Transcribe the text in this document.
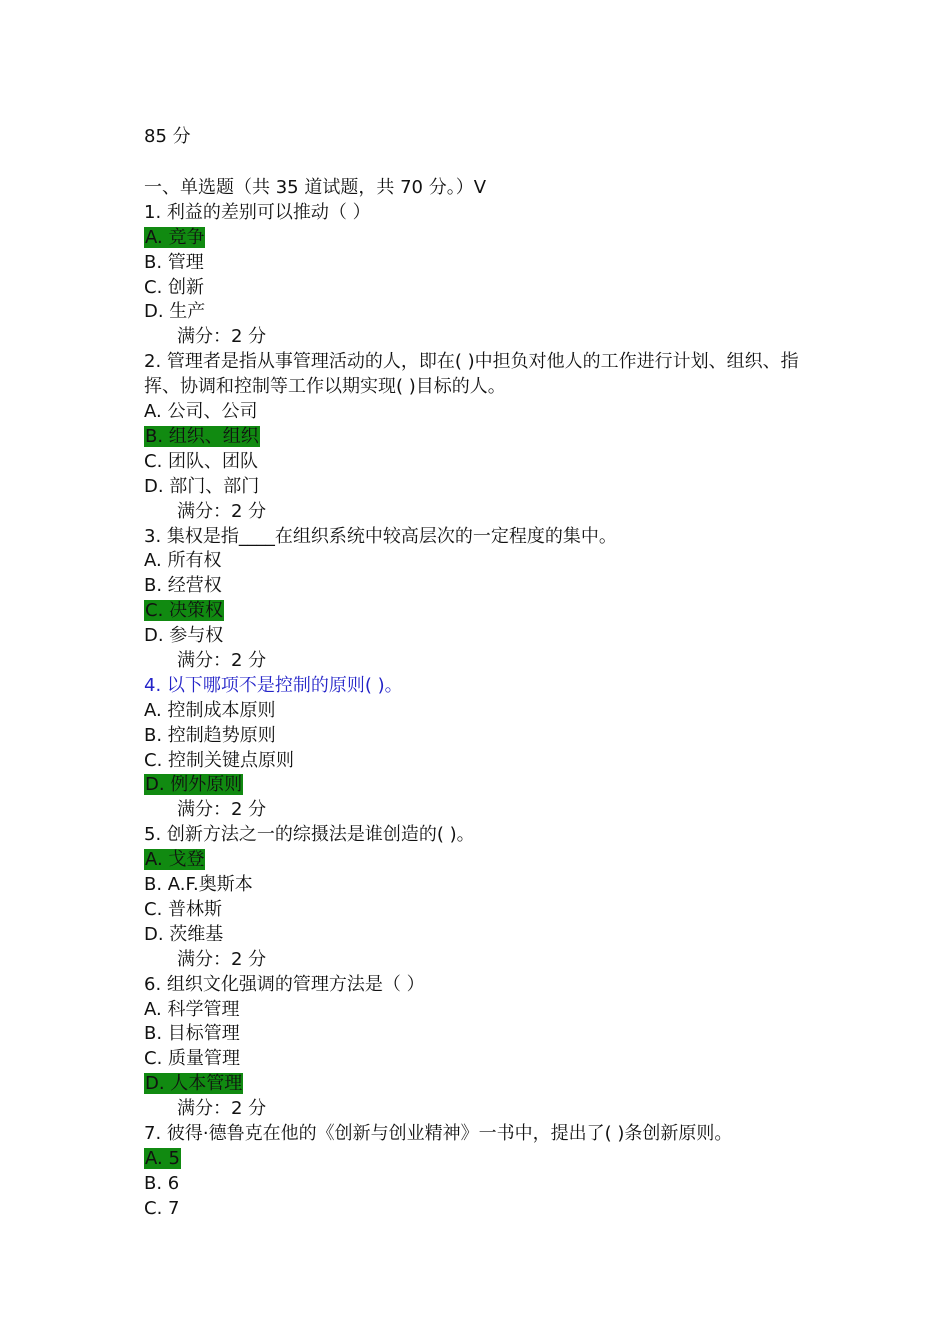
85 分
一、单选题（共 35 道试题，共 70 分。）V
1. 利益的差别可以推动（ ）
A. 竞争
B. 管理
C. 创新
D. 生产
满分：2 分
2. 管理者是指从事管理活动的人，即在( )中担负对他人的工作进行计划、组织、指挥、协调和控制等工作以期实现( )目标的人。
A. 公司、公司
B. 组织、组织
C. 团队、团队
D. 部门、部门
满分：2 分
3. 集权是指____在组织系统中较高层次的一定程度的集中。
A. 所有权
B. 经营权
C. 决策权
D. 参与权
满分：2 分
4. 以下哪项不是控制的原则( )。
A. 控制成本原则
B. 控制趋势原则
C. 控制关键点原则
D. 例外原则
满分：2 分
5. 创新方法之一的综摄法是谁创造的( )。
A. 戈登
B. A.F.奥斯本
C. 普林斯
D. 茨维基
满分：2 分
6. 组织文化强调的管理方法是（ ）
A. 科学管理
B. 目标管理
C. 质量管理
D. 人本管理
满分：2 分
7. 彼得·德鲁克在他的《创新与创业精神》一书中，提出了( )条创新原则。
A. 5
B. 6
C. 7
